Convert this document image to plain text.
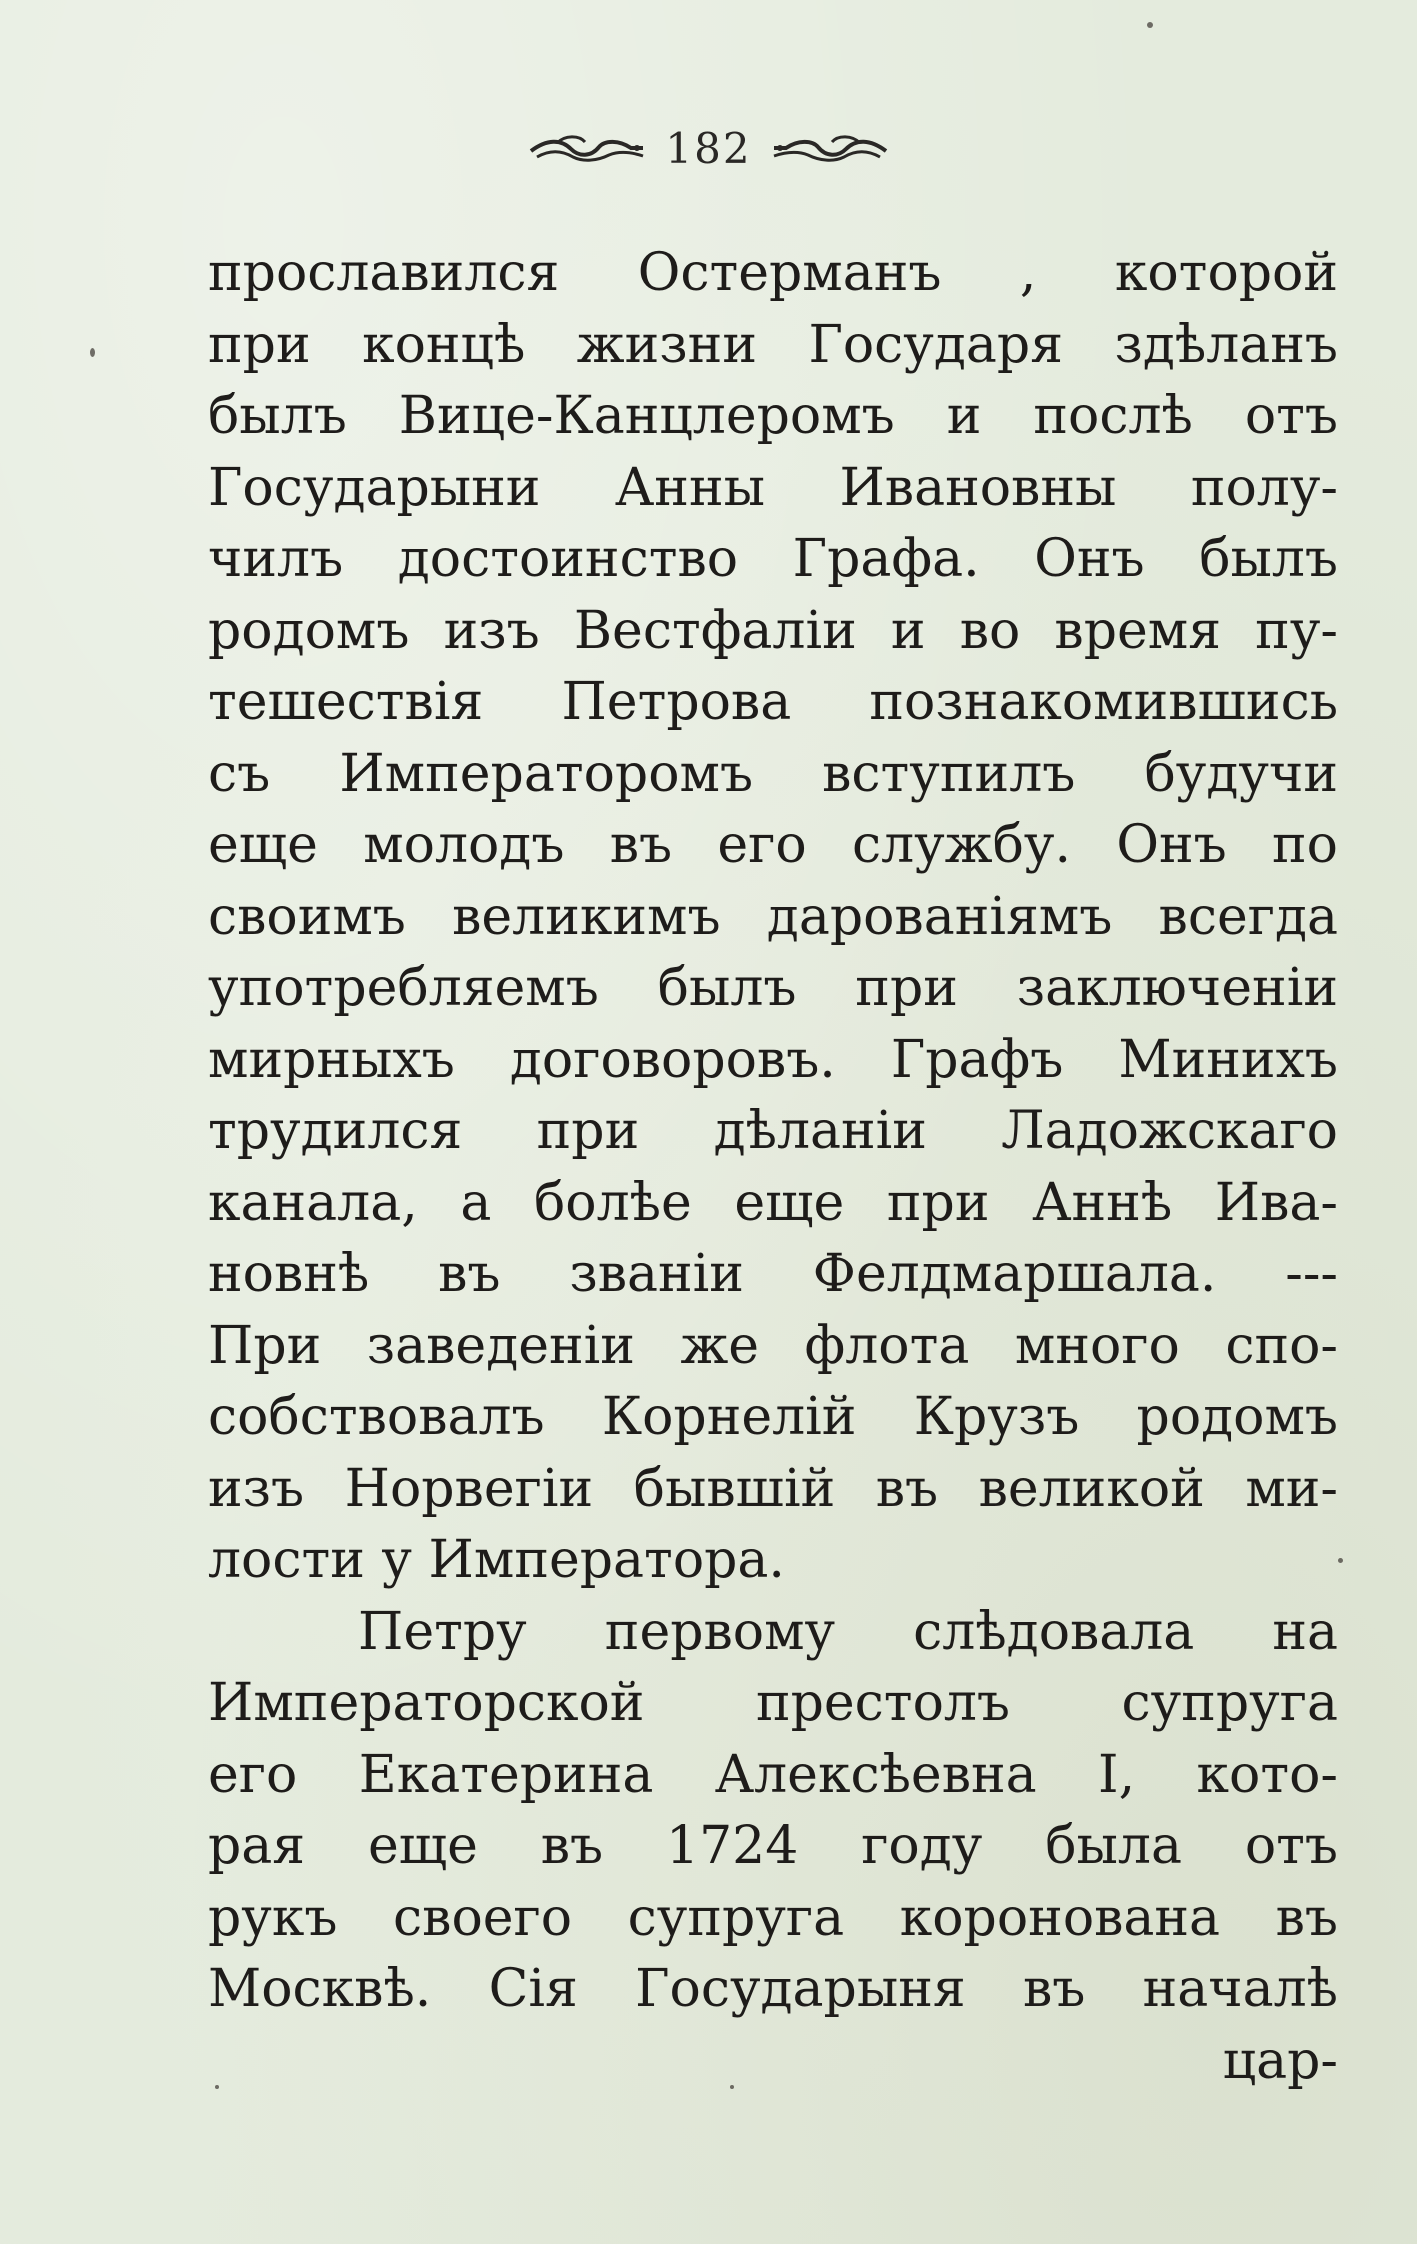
182
прославился Остерманъ , которой
при концѣ жизни Государя здѣланъ
былъ Вице-Канцлеромъ и послѣ отъ
Государыни Анны Ивановны полу-
чилъ достоинство Графа. Онъ былъ
родомъ изъ Вестфаліи и во время пу-
тешествія Петрова познакомившись
съ Императоромъ вступилъ будучи
еще молодъ въ его службу. Онъ по
своимъ великимъ дарованіямъ всегда
употребляемъ былъ при заключеніи
мирныхъ договоровъ. Графъ Минихъ
трудился при дѣланіи Ладожскаго
канала, а болѣе еще при Аннѣ Ива-
новнѣ въ званіи Фелдмаршала. ---
При заведеніи же флота много спо-
собствовалъ Корнелій Крузъ родомъ
изъ Норвегіи бывшій въ великой ми-
лости у Императора.
Петру первому слѣдовала на
Императорской престолъ супруга
его Екатерина Алексѣевна I, кото-
рая еще въ 1724 году была отъ
рукъ своего супруга коронована въ
Москвѣ. Сія Государыня въ началѣ
цар-
